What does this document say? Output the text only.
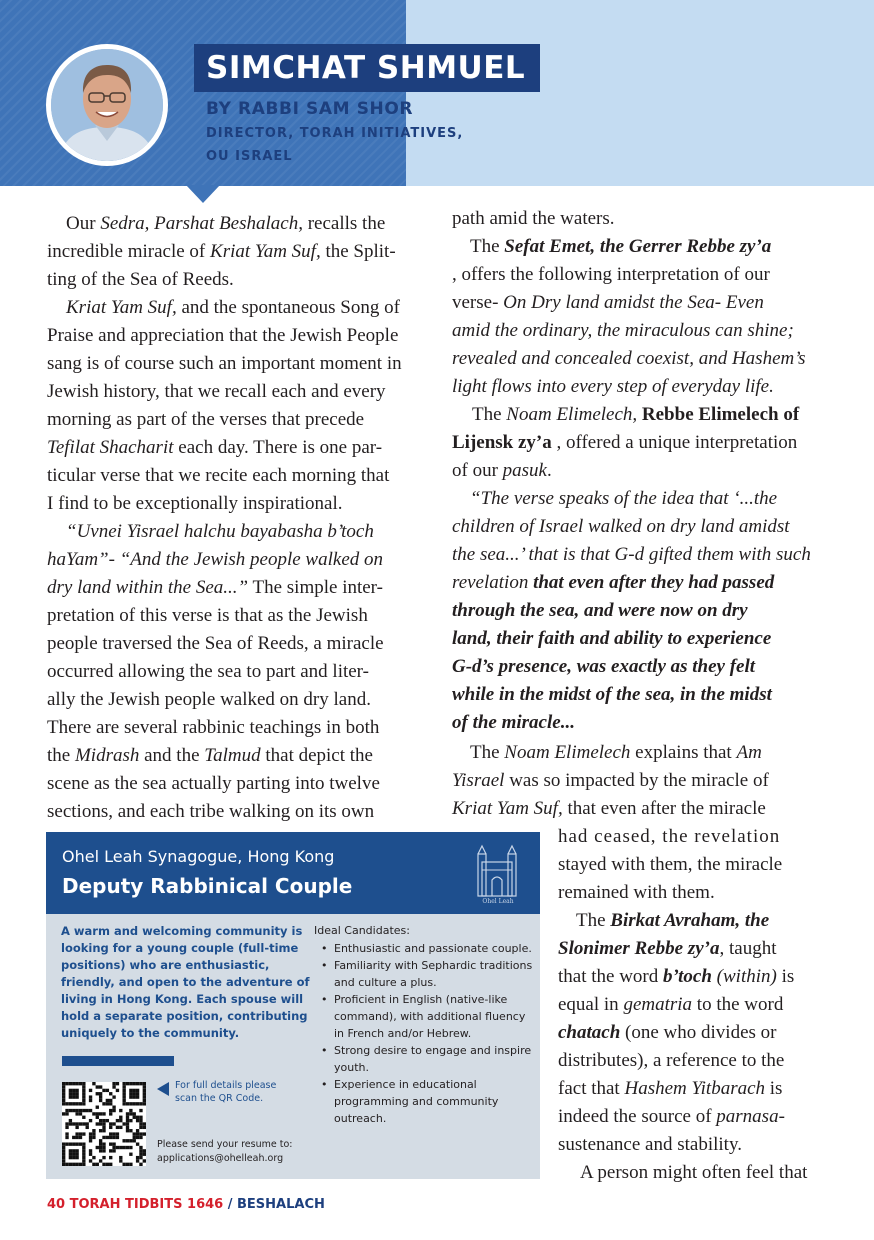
SIMCHAT SHMUEL
BY RABBI SAM SHOR
DIRECTOR, TORAH INITIATIVES,
OU ISRAEL
Our Sedra, Parshat Beshalach, recalls the
incredible miracle of Kriat Yam Suf, the Split-
ting of the Sea of Reeds.
Kriat Yam Suf, and the spontaneous Song of
Praise and appreciation that the Jewish People
sang is of course such an important moment in
Jewish history, that we recall each and every
morning as part of the verses that precede
Tefilat Shacharit each day. There is one par-
ticular verse that we recite each morning that
I find to be exceptionally inspirational.
“Uvnei Yisrael halchu bayabasha b’toch
haYam”- “And the Jewish people walked on
dry land within the Sea...” The simple inter-
pretation of this verse is that as the Jewish
people traversed the Sea of Reeds, a miracle
occurred allowing the sea to part and liter-
ally the Jewish people walked on dry land.
There are several rabbinic teachings in both
the Midrash and the Talmud that depict the
scene as the sea actually parting into twelve
sections, and each tribe walking on its own
path amid the waters.
The Sefat Emet, the Gerrer Rebbe zy’a
, offers the following interpretation of our
verse- On Dry land amidst the Sea- Even
amid the ordinary, the miraculous can shine;
revealed and concealed coexist, and Hashem’s
light flows into every step of everyday life.
The Noam Elimelech, Rebbe Elimelech of
Lijensk zy’a , offered a unique interpretation
of our pasuk.
“The verse speaks of the idea that ‘...the
children of Israel walked on dry land amidst
the sea...’ that is that G-d gifted them with such
revelation that even after they had passed
through the sea, and were now on dry
land, their faith and ability to experience
G-d’s presence, was exactly as they felt
while in the midst of the sea, in the midst
of the miracle...
The Noam Elimelech explains that Am
Yisrael was so impacted by the miracle of
Kriat Yam Suf, that even after the miracle
had ceased, the revelation
stayed with them, the miracle
remained with them.
The Birkat Avraham, the
Slonimer Rebbe zy’a, taught
that the word b’toch (within) is
equal in gematria to the word
chatach (one who divides or
distributes), a reference to the
fact that Hashem Yitbarach is
indeed the source of parnasa-
sustenance and stability.
A person might often feel that
Ohel Leah Synagogue, Hong Kong
Deputy Rabbinical Couple
Ohel Leah
A warm and welcoming community is looking for a young couple (full-time positions) who are enthusiastic, friendly, and open to the adventure of living in Hong Kong. Each spouse will hold a separate position, contributing uniquely to the community.
Ideal Candidates:
• Enthusiastic and passionate couple.
• Familiarity with Sephardic traditions and culture a plus.
• Proficient in English (native-like command), with additional fluency in French and/or Hebrew.
• Strong desire to engage and inspire youth.
• Experience in educational programming and community outreach.
For full details please scan the QR Code.
Please send your resume to:
applications@ohelleah.org
40 TORAH TIDBITS 1646 / BESHALACH
